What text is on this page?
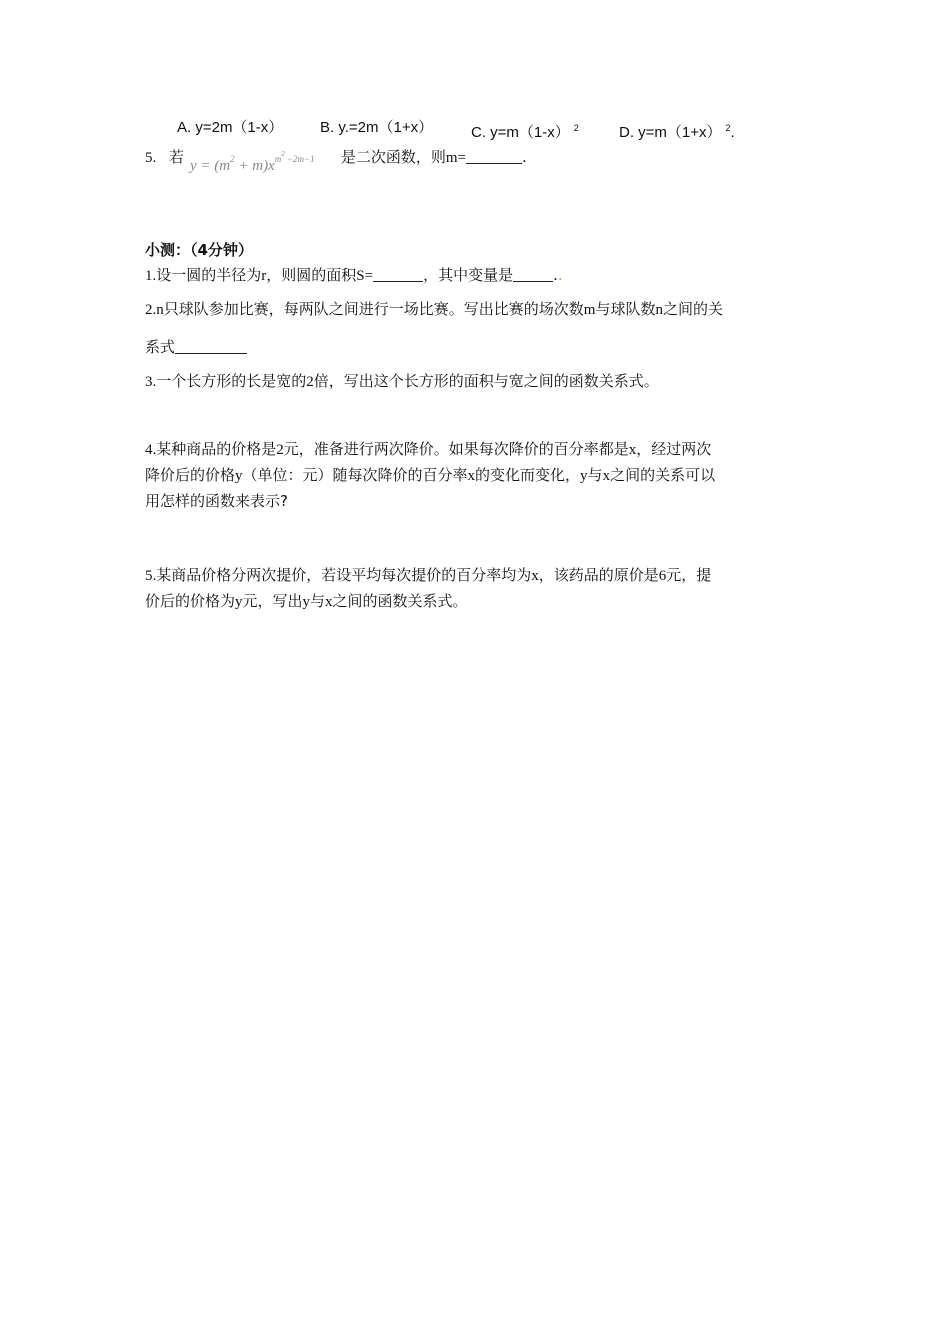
A. y=2m（1-x） B. y.=2m（1+x）	C. y=m（1-x） $^2$	D. y=m（1+x） $^2$.
5. 若	是二次函数，则m=	.
$y = (m^2 + m)x^{m^2 -2m-1}$
小测：（4分钟）
1.设一圆的半径为r，则圆的面积S=	，其中变量是	..
2.n只球队参加比赛，每两队之间进行一场比赛。写出比赛的场次数m与球队数n之间的关
系式
3.一个长方形的长是宽的2倍，写出这个长方形的面积与宽之间的函数关系式。
4.某种商品的价格是2元，准备进行两次降价。如果每次降价的百分率都是x，经过两次
降价后的价格y（单位：元）随每次降价的百分率x的变化而变化，y与x之间的关系可以
用怎样的函数来表示?
5.某商品价格分两次提价，若设平均每次提价的百分率均为x，该药品的原价是6元，提
价后的价格为y元，写出y与x之间的函数关系式。
